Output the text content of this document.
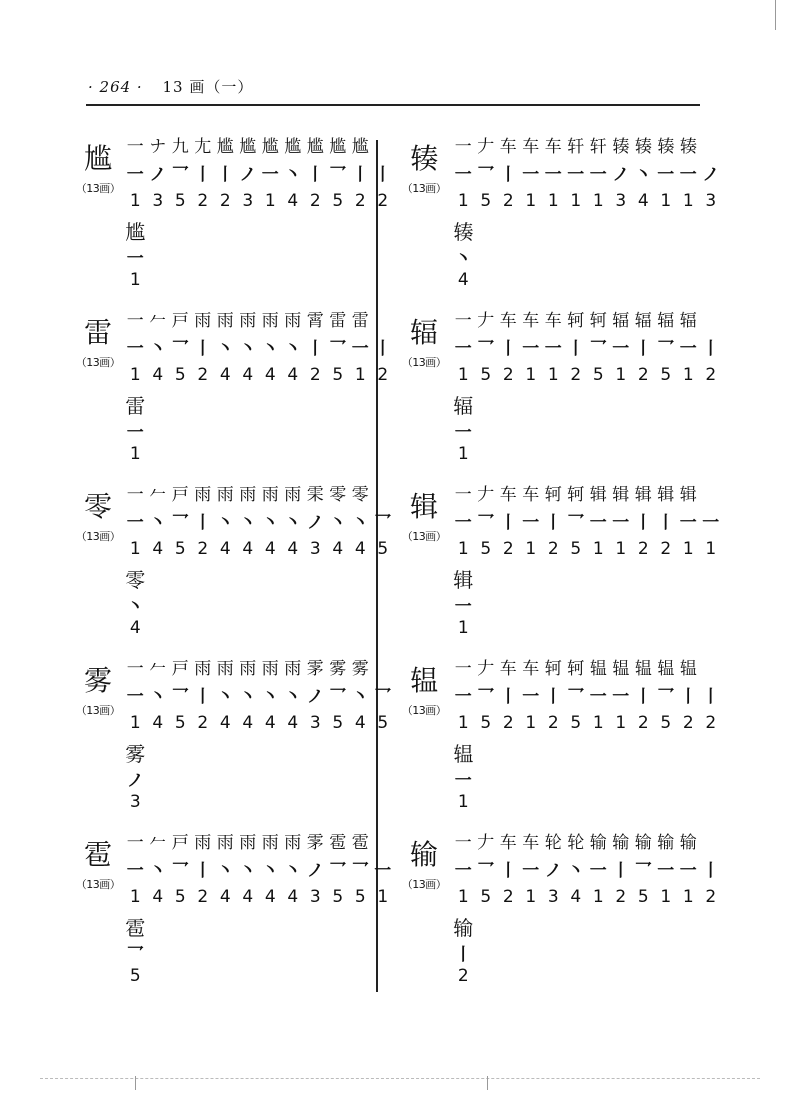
· 264 · 13 画（一）
尴
（13画）
一 ナ 九 尢 尴 尴 尴 尴 尴 尴 尴
一 ノ 乛 丨 丨 ノ 一 丶 丨 乛 丨 丨
1 3 5 2 2 3 1 4 2 5 2 2
尴
一
1
雷
（13画）
一 𠂉 戸 雨 雨 雨 雨 雨 霄 雷 雷
一 丶 乛 丨 丶 丶 丶 丶 丨 乛 一 丨
1 4 5 2 4 4 4 4 2 5 1 2
雷
一
1
零
（13画）
一 𠂉 戸 雨 雨 雨 雨 雨 雬 零 零
一 丶 乛 丨 丶 丶 丶 丶 ノ 丶 丶 乛
1 4 5 2 4 4 4 4 3 4 4 5
零
丶
4
雾
（13画）
一 𠂉 戸 雨 雨 雨 雨 雨 雺 雾 雾
一 丶 乛 丨 丶 丶 丶 丶 ノ 乛 丶 乛
1 4 5 2 4 4 4 4 3 5 4 5
雾
ノ
3
雹
（13画）
一 𠂉 戸 雨 雨 雨 雨 雨 雺 雹 雹
一 丶 乛 丨 丶 丶 丶 丶 ノ 乛 乛 一
1 4 5 2 4 4 4 4 3 5 5 1
雹
乛
5
辏
（13画）
一 𠂇 车 车 车 轩 轩 辏 辏 辏 辏
一 乛 丨 一 一 一 一 ノ 丶 一 一 ノ
1 5 2 1 1 1 1 3 4 1 1 3
辏
丶
4
辐
（13画）
一 𠂇 车 车 车 轲 轲 辐 辐 辐 辐
一 乛 丨 一 一 丨 乛 一 丨 乛 一 丨
1 5 2 1 1 2 5 1 2 5 1 2
辐
一
1
辑
（13画）
一 𠂇 车 车 轲 轲 辑 辑 辑 辑 辑
一 乛 丨 一 丨 乛 一 一 丨 丨 一 一
1 5 2 1 2 5 1 1 2 2 1 1
辑
一
1
辒
（13画）
一 𠂇 车 车 轲 轲 辒 辒 辒 辒 辒
一 乛 丨 一 丨 乛 一 一 丨 乛 丨 丨
1 5 2 1 2 5 1 1 2 5 2 2
辒
一
1
输
（13画）
一 𠂇 车 车 轮 轮 输 输 输 输 输
一 乛 丨 一 ノ 丶 一 丨 乛 一 一 丨
1 5 2 1 3 4 1 2 5 1 1 2
输
丨
2
